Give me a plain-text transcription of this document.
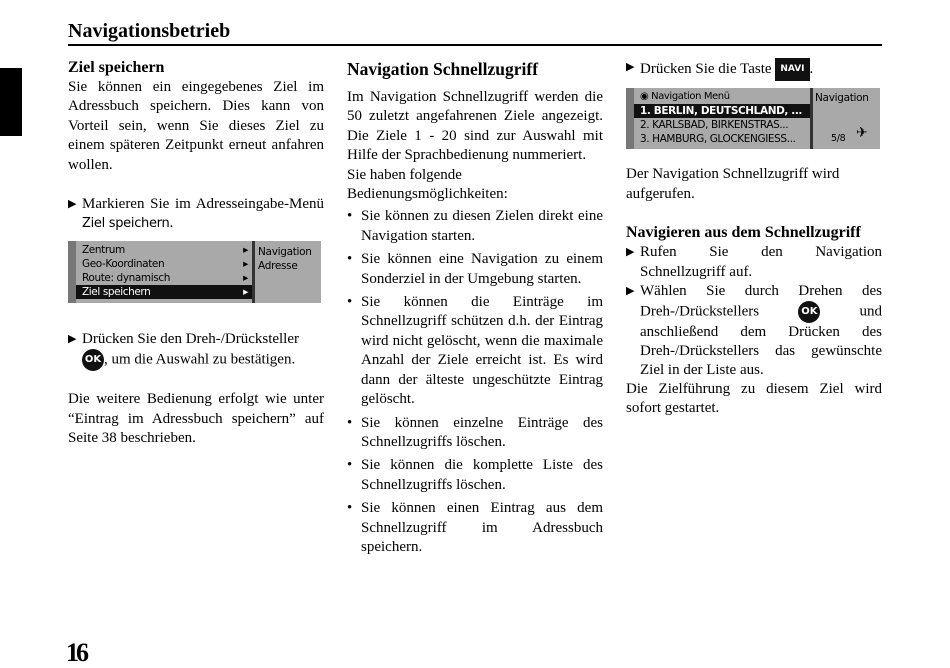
Navigationsbetrieb
Ziel speichern

Sie können ein eingegebenes Ziel im Adressbuch speichern. Dies kann von Vorteil sein, wenn Sie dieses Ziel zu einem späteren Zeitpunkt erneut anfahren wollen.

▶ Markieren Sie im Adresseingabe-Menü Ziel speichern.
▶ Drücken Sie den Dreh-/Drücksteller
OK , um die Auswahl zu bestätigen.

Die weitere Bedienung erfolgt wie unter “Eintrag im Adressbuch speichern” auf Seite 38 beschrieben.

Zentrum	▸
Geo-Koordinaten	▸
Route: dynamisch	▸
Ziel speichern	▸
Navigation
Adresse
Navigation Schnellzugriff

Im Navigation Schnellzugriff werden die 50 zuletzt angefahrenen Ziele angezeigt. Die Ziele 1 - 20 sind zur Auswahl mit Hilfe der Sprachbedienung nummeriert.

Sie haben folgende Bedienungsmöglichkeiten:

• Sie können zu diesen Zielen direkt eine Navigation starten.
• Sie können eine Navigation zu einem Sonderziel in der Umgebung starten.
• Sie können die Einträge im Schnellzugriff schützen d.h. der Eintrag wird nicht gelöscht, wenn die maximale Anzahl der Ziele erreicht ist. Es wird dann der älteste ungeschützte Eintrag gelöscht.
• Sie können einzelne Einträge des Schnellzugriffs löschen.
• Sie können die komplette Liste des Schnellzugriffs löschen.
• Sie können einen Eintrag aus dem Schnellzugriff im Adressbuch speichern.
▶ Drücken Sie die Taste NAVI .

Der Navigation Schnellzugriff wird aufgerufen.

Navigieren aus dem Schnellzugriff
▶ Rufen Sie den Navigation Schnellzugriff auf.
▶ Wählen Sie durch Drehen des Dreh-/Drückstellers	OK	und anschließend dem Drücken des Dreh-/Drückstellers das gewünschte Ziel in der Liste aus.

Die Zielführung zu diesem Ziel wird sofort gestartet.

◉ Navigation Menü
1. BERLIN, DEUTSCHLAND, ...
2. KARLSBAD, BIRKENSTRAS...
3. HAMBURG, GLOCKENGIESS...
Navigation
5/8 ✈
16
